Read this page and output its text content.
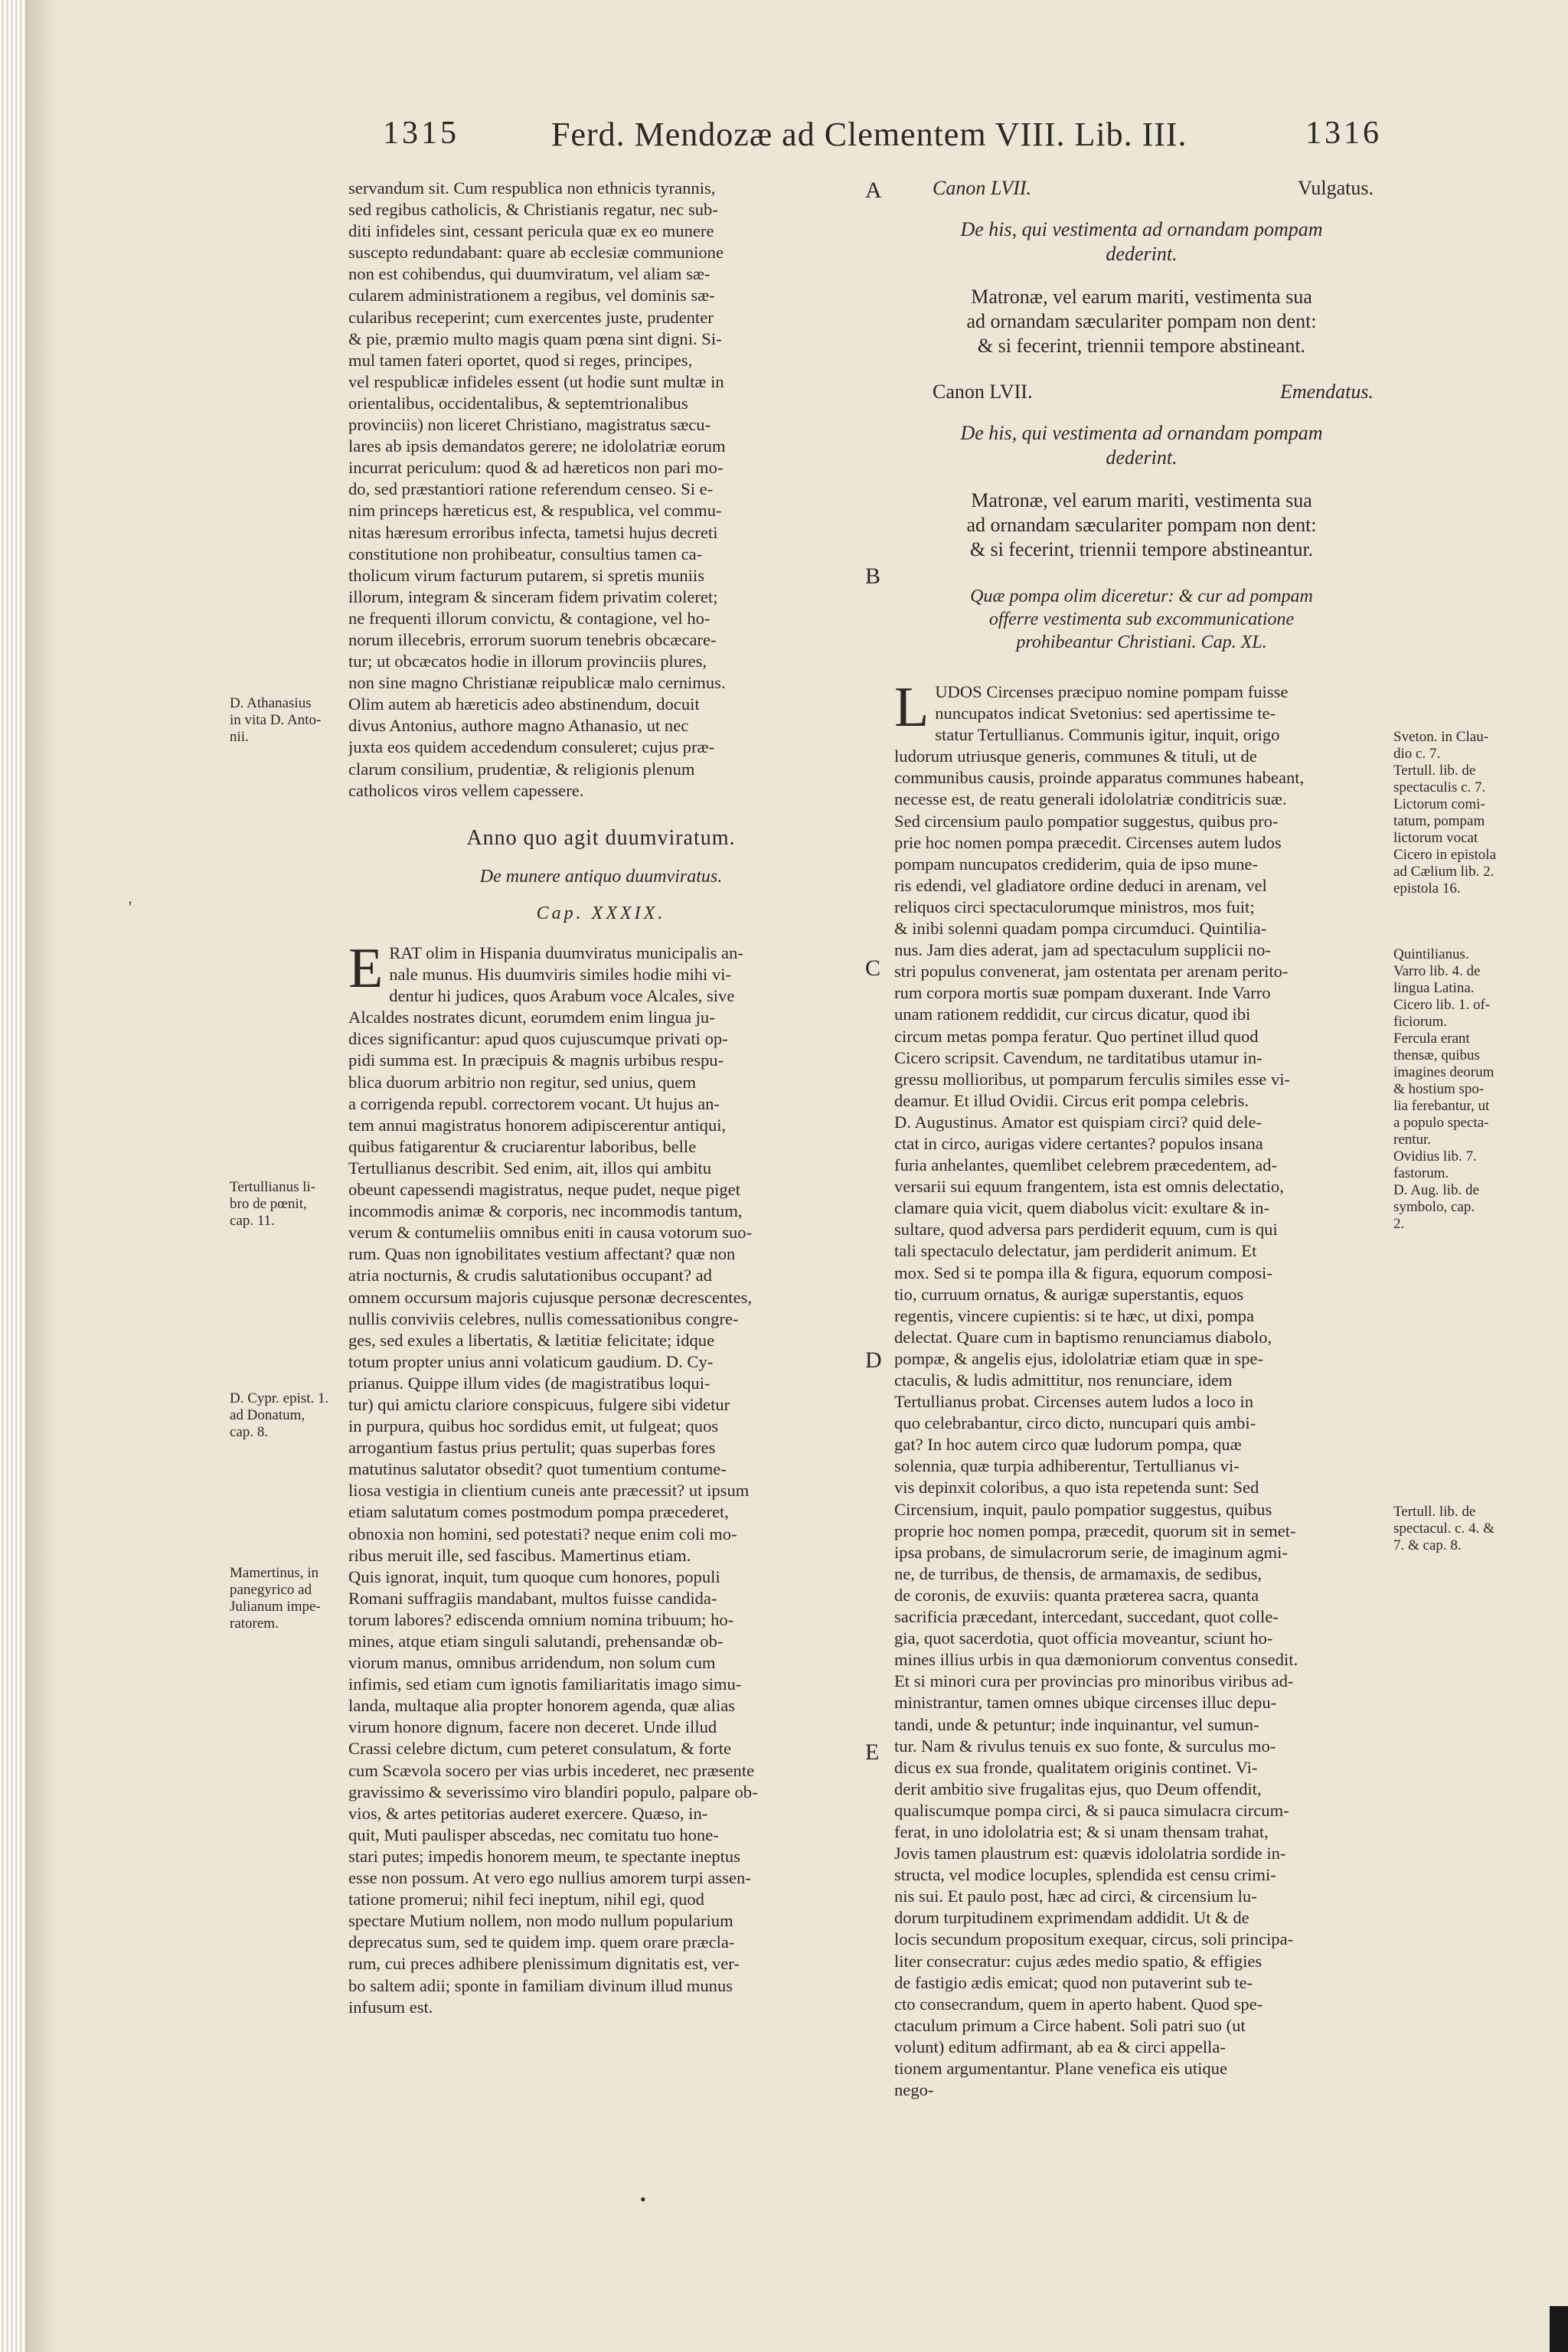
1315	Ferd. Mendozæ ad Clementem VIII. Lib. III.	1316
A
B
C
D
E
servandum sit. Cum respublica non ethnicis tyrannis,
sed regibus catholicis, & Christianis regatur, nec sub-
diti infideles sint, cessant pericula quæ ex eo munere
suscepto redundabant: quare ab ecclesiæ communione
non est cohibendus, qui duumviratum, vel aliam sæ-
cularem administrationem a regibus, vel dominis sæ-
cularibus receperint; cum exercentes juste, prudenter
& pie, præmio multo magis quam pœna sint digni. Si-
mul tamen fateri oportet, quod si reges, principes,
vel respublicæ infideles essent (ut hodie sunt multæ in
orientalibus, occidentalibus, & septemtrionalibus
provinciis) non liceret Christiano, magistratus sæcu-
lares ab ipsis demandatos gerere; ne idololatriæ eorum
incurrat periculum: quod & ad hæreticos non pari mo-
do, sed præstantiori ratione referendum censeo. Si e-
nim princeps hæreticus est, & respublica, vel commu-
nitas hæresum erroribus infecta, tametsi hujus decreti
constitutione non prohibeatur, consultius tamen ca-
tholicum virum facturum putarem, si spretis muniis
illorum, integram & sinceram fidem privatim coleret;
ne frequenti illorum convictu, & contagione, vel ho-
norum illecebris, errorum suorum tenebris obcæcare-
tur; ut obcæcatos hodie in illorum provinciis plures,
non sine magno Christianæ reipublicæ malo cernimus.
Olim autem ab hæreticis adeo abstinendum, docuit
divus Antonius, authore magno Athanasio, ut nec
juxta eos quidem accedendum consuleret; cujus præ-
clarum consilium, prudentiæ, & religionis plenum
catholicos viros vellem capessere.
Anno quo agit duumviratum.
De munere antiquo duumviratus.
Cap. XXXIX.
E RAT olim in Hispania duumviratus municipalis an-
nale munus. His duumviris similes hodie mihi vi-
dentur hi judices, quos Arabum voce Alcales, sive
Alcaldes nostrates dicunt, eorumdem enim lingua ju-
dices significantur: apud quos cujuscumque privati op-
pidi summa est. In præcipuis & magnis urbibus respu-
blica duorum arbitrio non regitur, sed unius, quem
a corrigenda republ. correctorem vocant. Ut hujus an-
tem annui magistratus honorem adipiscerentur antiqui,
quibus fatigarentur & cruciarentur laboribus, belle
Tertullianus describit. Sed enim, ait, illos qui ambitu
obeunt capessendi magistratus, neque pudet, neque piget
incommodis animæ & corporis, nec incommodis tantum,
verum & contumeliis omnibus eniti in causa votorum suo-
rum. Quas non ignobilitates vestium affectant? quæ non
atria nocturnis, & crudis salutationibus occupant? ad
omnem occursum majoris cujusque personæ decrescentes,
nullis conviviis celebres, nullis comessationibus congre-
ges, sed exules a libertatis, & lætitiæ felicitate; idque
totum propter unius anni volaticum gaudium. D. Cy-
prianus. Quippe illum vides (de magistratibus loqui-
tur) qui amictu clariore conspicuus, fulgere sibi videtur
in purpura, quibus hoc sordidus emit, ut fulgeat; quos
arrogantium fastus prius pertulit; quas superbas fores
matutinus salutator obsedit? quot tumentium contume-
liosa vestigia in clientium cuneis ante præcessit? ut ipsum
etiam salutatum comes postmodum pompa præcederet,
obnoxia non homini, sed potestati? neque enim coli mo-
ribus meruit ille, sed fascibus. Mamertinus etiam.
Quis ignorat, inquit, tum quoque cum honores, populi
Romani suffragiis mandabant, multos fuisse candida-
torum labores? ediscenda omnium nomina tribuum; ho-
mines, atque etiam singuli salutandi, prehensandæ ob-
viorum manus, omnibus arridendum, non solum cum
infimis, sed etiam cum ignotis familiaritatis imago simu-
landa, multaque alia propter honorem agenda, quæ alias
virum honore dignum, facere non deceret. Unde illud
Crassi celebre dictum, cum peteret consulatum, & forte
cum Scævola socero per vias urbis incederet, nec præsente
gravissimo & severissimo viro blandiri populo, palpare ob-
vios, & artes petitorias auderet exercere. Quæso, in-
quit, Muti paulisper abscedas, nec comitatu tuo hone-
stari putes; impedis honorem meum, te spectante ineptus
esse non possum. At vero ego nullius amorem turpi assen-
tatione promerui; nihil feci ineptum, nihil egi, quod
spectare Mutium nollem, non modo nullum popularium
deprecatus sum, sed te quidem imp. quem orare præcla-
rum, cui preces adhibere plenissimum dignitatis est, ver-
bo saltem adii; sponte in familiam divinum illud munus
infusum est.
Canon LVII.	Vulgatus.
De his, qui vestimenta ad ornandam pompam
dederint.
Matronæ, vel earum mariti, vestimenta sua
ad ornandam sæculariter pompam non dent:
& si fecerint, triennii tempore abstineant.
Canon LVII.	Emendatus.
De his, qui vestimenta ad ornandam pompam
dederint.
Matronæ, vel earum mariti, vestimenta sua
ad ornandam sæculariter pompam non dent:
& si fecerint, triennii tempore abstineantur.
Quæ pompa olim diceretur: & cur ad pompam
offerre vestimenta sub excommunicatione
prohibeantur Christiani. Cap. XL.
L UDOS Circenses præcipuo nomine pompam fuisse
nuncupatos indicat Svetonius: sed apertissime te-
statur Tertullianus. Communis igitur, inquit, origo
ludorum utriusque generis, communes & tituli, ut de
communibus causis, proinde apparatus communes habeant,
necesse est, de reatu generali idololatriæ conditricis suæ.
Sed circensium paulo pompatior suggestus, quibus pro-
prie hoc nomen pompa præcedit. Circenses autem ludos
pompam nuncupatos crediderim, quia de ipso mune-
ris edendi, vel gladiatore ordine deduci in arenam, vel
reliquos circi spectaculorumque ministros, mos fuit;
& inibi solenni quadam pompa circumduci. Quintilia-
nus. Jam dies aderat, jam ad spectaculum supplicii no-
stri populus convenerat, jam ostentata per arenam perito-
rum corpora mortis suæ pompam duxerant. Inde Varro
unam rationem reddidit, cur circus dicatur, quod ibi
circum metas pompa feratur. Quo pertinet illud quod
Cicero scripsit. Cavendum, ne tarditatibus utamur in-
gressu mollioribus, ut pomparum ferculis similes esse vi-
deamur. Et illud Ovidii. Circus erit pompa celebris.
D. Augustinus. Amator est quispiam circi? quid dele-
ctat in circo, aurigas videre certantes? populos insana
furia anhelantes, quemlibet celebrem præcedentem, ad-
versarii sui equum frangentem, ista est omnis delectatio,
clamare quia vicit, quem diabolus vicit: exultare & in-
sultare, quod adversa pars perdiderit equum, cum is qui
tali spectaculo delectatur, jam perdiderit animum. Et
mox. Sed si te pompa illa & figura, equorum composi-
tio, curruum ornatus, & aurigæ superstantis, equos
regentis, vincere cupientis: si te hæc, ut dixi, pompa
delectat. Quare cum in baptismo renunciamus diabolo,
pompæ, & angelis ejus, idololatriæ etiam quæ in spe-
ctaculis, & ludis admittitur, nos renunciare, idem
Tertullianus probat. Circenses autem ludos a loco in
quo celebrabantur, circo dicto, nuncupari quis ambi-
gat? In hoc autem circo quæ ludorum pompa, quæ
solennia, quæ turpia adhiberentur, Tertullianus vi-
vis depinxit coloribus, a quo ista repetenda sunt: Sed
Circensium, inquit, paulo pompatior suggestus, quibus
proprie hoc nomen pompa, præcedit, quorum sit in semet-
ipsa probans, de simulacrorum serie, de imaginum agmi-
ne, de turribus, de thensis, de armamaxis, de sedibus,
de coronis, de exuviis: quanta præterea sacra, quanta
sacrificia præcedant, intercedant, succedant, quot colle-
gia, quot sacerdotia, quot officia moveantur, sciunt ho-
mines illius urbis in qua dæmoniorum conventus consedit.
Et si minori cura per provincias pro minoribus viribus ad-
ministrantur, tamen omnes ubique circenses illuc depu-
tandi, unde & petuntur; inde inquinantur, vel sumun-
tur. Nam & rivulus tenuis ex suo fonte, & surculus mo-
dicus ex sua fronde, qualitatem originis continet. Vi-
derit ambitio sive frugalitas ejus, quo Deum offendit,
qualiscumque pompa circi, & si pauca simulacra circum-
ferat, in uno idololatria est; & si unam thensam trahat,
Jovis tamen plaustrum est: quævis idololatria sordide in-
structa, vel modice locuples, splendida est censu crimi-
nis sui. Et paulo post, hæc ad circi, & circensium lu-
dorum turpitudinem exprimendam addidit. Ut & de
locis secundum propositum exequar, circus, soli principa-
liter consecratur: cujus ædes medio spatio, & effigies
de fastigio ædis emicat; quod non putaverint sub te-
cto consecrandum, quem in aperto habent. Quod spe-
ctaculum primum a Circe habent. Soli patri suo (ut
volunt) editum adfirmant, ab ea & circi appella-
tionem argumentantur. Plane venefica eis utique
nego-
D. Athanasius
in vita D. Anto-
nii.
Tertullianus li-
bro de pœnit,
cap. 11.
D. Cypr. epist. 1.
ad Donatum,
cap. 8.
Mamertinus, in
panegyrico ad
Julianum impe-
ratorem.
Sveton. in Clau-
dio c. 7.
Tertull. lib. de
spectaculis c. 7.
Lictorum comi-
tatum, pompam
lictorum vocat
Cicero in epistola
ad Cælium lib. 2.
epistola 16.
Quintilianus.
Varro lib. 4. de
lingua Latina.
Cicero lib. 1. of-
ficiorum.
Fercula erant
thensæ, quibus
imagines deorum
& hostium spo-
lia ferebantur, ut
a populo specta-
rentur.
Ovidius lib. 7.
fastorum.
D. Aug. lib. de
symbolo, cap.
2.
Tertull. lib. de
spectacul. c. 4. &
7. & cap. 8.
'
•
